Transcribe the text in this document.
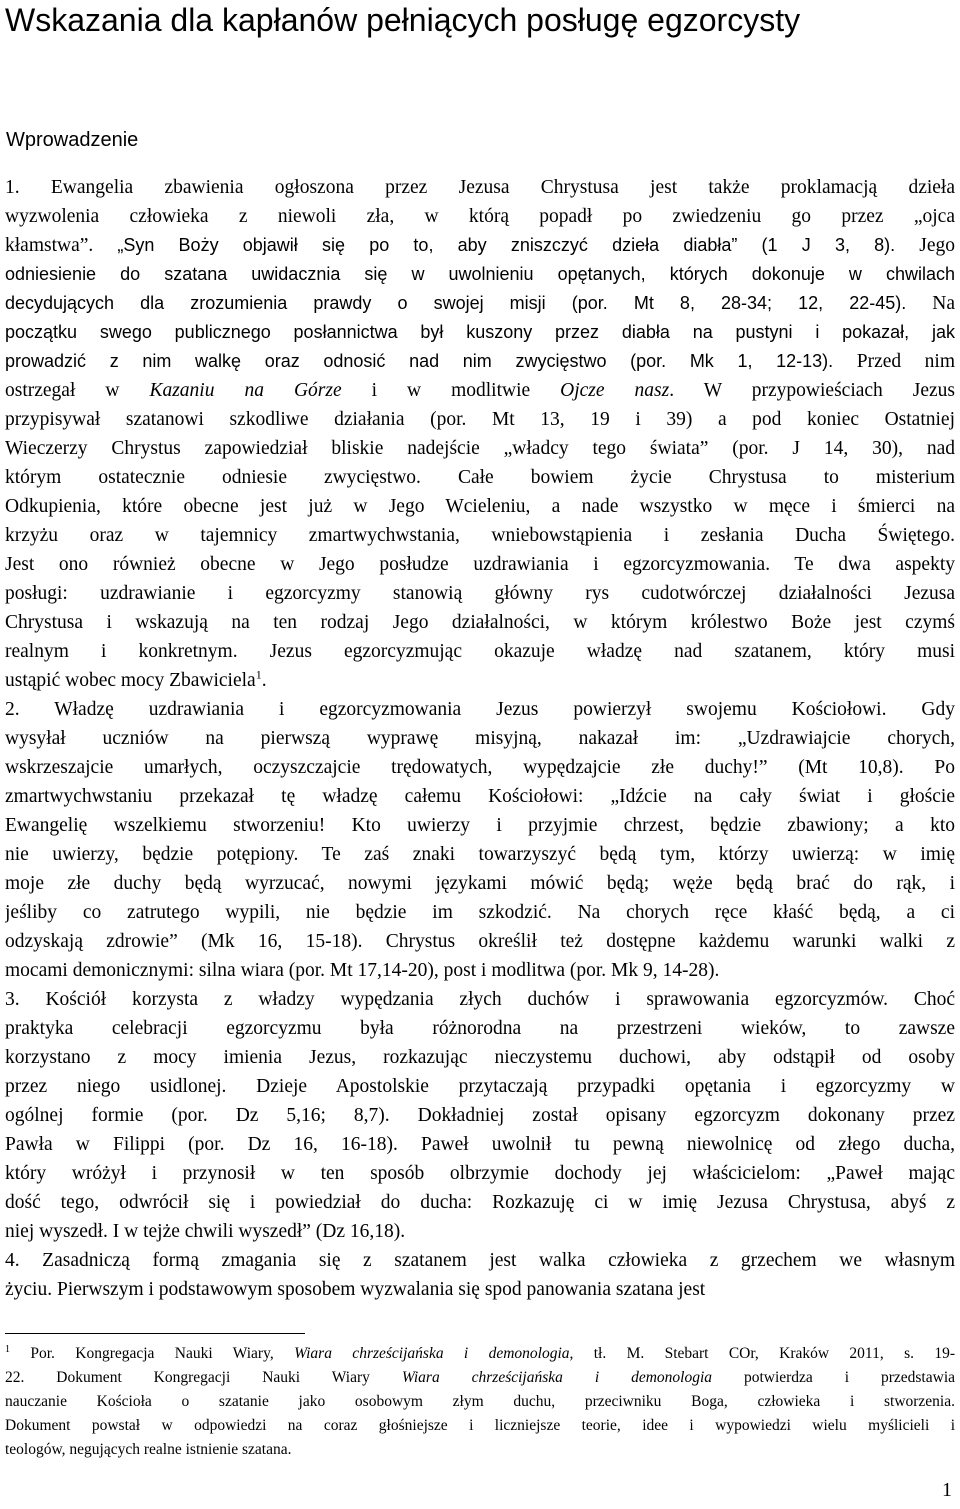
Wskazania dla kapłanów pełniących posługę egzorcysty
Wprowadzenie
1. Ewangelia zbawienia ogłoszona przez Jezusa Chrystusa jest także proklamacją dzieła
wyzwolenia człowieka z niewoli zła, w którą popadł po zwiedzeniu go przez „ojca
kłamstwa”. „Syn Boży objawił się po to, aby zniszczyć dzieła diabła” (1 J 3, 8). Jego
odniesienie do szatana uwidacznia się w uwolnieniu opętanych, których dokonuje w chwilach
decydujących dla zrozumienia prawdy o swojej misji (por. Mt 8, 28-34; 12, 22-45). Na
początku swego publicznego posłannictwa był kuszony przez diabła na pustyni i pokazał, jak
prowadzić z nim walkę oraz odnosić nad nim zwycięstwo (por. Mk 1, 12-13). Przed nim
ostrzegał w Kazaniu na Górze i w modlitwie Ojcze nasz. W przypowieściach Jezus
przypisywał szatanowi szkodliwe działania (por. Mt 13, 19 i 39) a pod koniec Ostatniej
Wieczerzy Chrystus zapowiedział bliskie nadejście „władcy tego świata” (por. J 14, 30), nad
którym ostatecznie odniesie zwycięstwo. Całe bowiem życie Chrystusa to misterium
Odkupienia, które obecne jest już w Jego Wcieleniu, a nade wszystko w męce i śmierci na
krzyżu oraz w tajemnicy zmartwychwstania, wniebowstąpienia i zesłania Ducha Świętego.
Jest ono również obecne w Jego posłudze uzdrawiania i egzorcyzmowania. Te dwa aspekty
posługi: uzdrawianie i egzorcyzmy stanowią główny rys cudotwórczej działalności Jezusa
Chrystusa i wskazują na ten rodzaj Jego działalności, w którym królestwo Boże jest czymś
realnym i konkretnym. Jezus egzorcyzmując okazuje władzę nad szatanem, który musi
ustąpić wobec mocy Zbawiciela$^1$.
2. Władzę uzdrawiania i egzorcyzmowania Jezus powierzył swojemu Kościołowi. Gdy
wysyłał uczniów na pierwszą wyprawę misyjną, nakazał im: „Uzdrawiajcie chorych,
wskrzeszajcie umarłych, oczyszczajcie trędowatych, wypędzajcie złe duchy!” (Mt 10,8). Po
zmartwychwstaniu przekazał tę władzę całemu Kościołowi: „Idźcie na cały świat i głoście
Ewangelię wszelkiemu stworzeniu! Kto uwierzy i przyjmie chrzest, będzie zbawiony; a kto
nie uwierzy, będzie potępiony. Te zaś znaki towarzyszyć będą tym, którzy uwierzą: w imię
moje złe duchy będą wyrzucać, nowymi językami mówić będą; węże będą brać do rąk, i
jeśliby co zatrutego wypili, nie będzie im szkodzić. Na chorych ręce kłaść będą, a ci
odzyskają zdrowie” (Mk 16, 15-18). Chrystus określił też dostępne każdemu warunki walki z
mocami demonicznymi: silna wiara (por. Mt 17,14-20), post i modlitwa (por. Mk 9, 14-28).
3. Kościół korzysta z władzy wypędzania złych duchów i sprawowania egzorcyzmów. Choć
praktyka celebracji egzorcyzmu była różnorodna na przestrzeni wieków, to zawsze
korzystano z mocy imienia Jezus, rozkazując nieczystemu duchowi, aby odstąpił od osoby
przez niego usidlonej. Dzieje Apostolskie przytaczają przypadki opętania i egzorcyzmy w
ogólnej formie (por. Dz 5,16; 8,7). Dokładniej został opisany egzorcyzm dokonany przez
Pawła w Filippi (por. Dz 16, 16-18). Paweł uwolnił tu pewną niewolnicę od złego ducha,
który wróżył i przynosił w ten sposób olbrzymie dochody jej właścicielom: „Paweł mając
dość tego, odwrócił się i powiedział do ducha: Rozkazuję ci w imię Jezusa Chrystusa, abyś z
niej wyszedł. I w tejże chwili wyszedł” (Dz 16,18).
4. Zasadniczą formą zmagania się z szatanem jest walka człowieka z grzechem we własnym
życiu. Pierwszym i podstawowym sposobem wyzwalania się spod panowania szatana jest
$^1$ Por. Kongregacja Nauki Wiary, Wiara chrześcijańska i demonologia, tł. M. Stebart COr, Kraków 2011, s. 19-
22. Dokument Kongregacji Nauki Wiary Wiara chrześcijańska i demonologia potwierdza i przedstawia
nauczanie Kościoła o szatanie jako osobowym złym duchu, przeciwniku Boga, człowieka i stworzenia.
Dokument powstał w odpowiedzi na coraz głośniejsze i liczniejsze teorie, idee i wypowiedzi wielu myślicieli i
teologów, negujących realne istnienie szatana.
1
